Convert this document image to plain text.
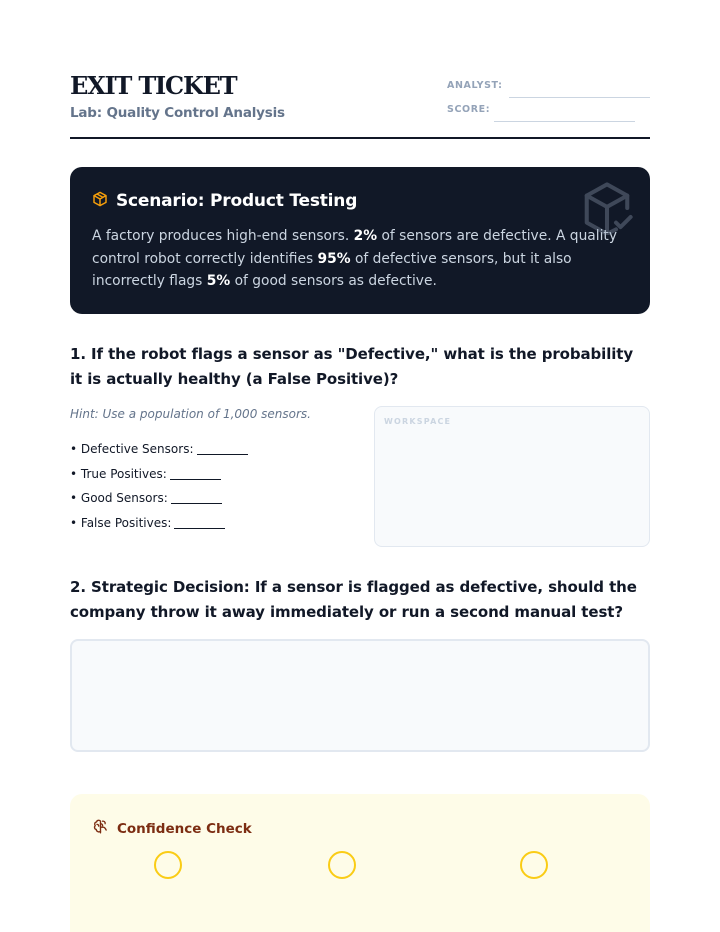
EXIT TICKET
Lab: Quality Control Analysis
ANALYST:
SCORE:
Scenario: Product Testing
A factory produces high-end sensors. 2% of sensors are defective. A quality control robot correctly identifies 95% of defective sensors, but it also incorrectly flags 5% of good sensors as defective.
1. If the robot flags a sensor as "Defective," what is the probability it is actually healthy (a False Positive)?
Hint: Use a population of 1,000 sensors.
• Defective Sensors:
• True Positives:
• Good Sensors:
• False Positives:
WORKSPACE
2. Strategic Decision: If a sensor is flagged as defective, should the company throw it away immediately or run a second manual test?
Confidence Check
